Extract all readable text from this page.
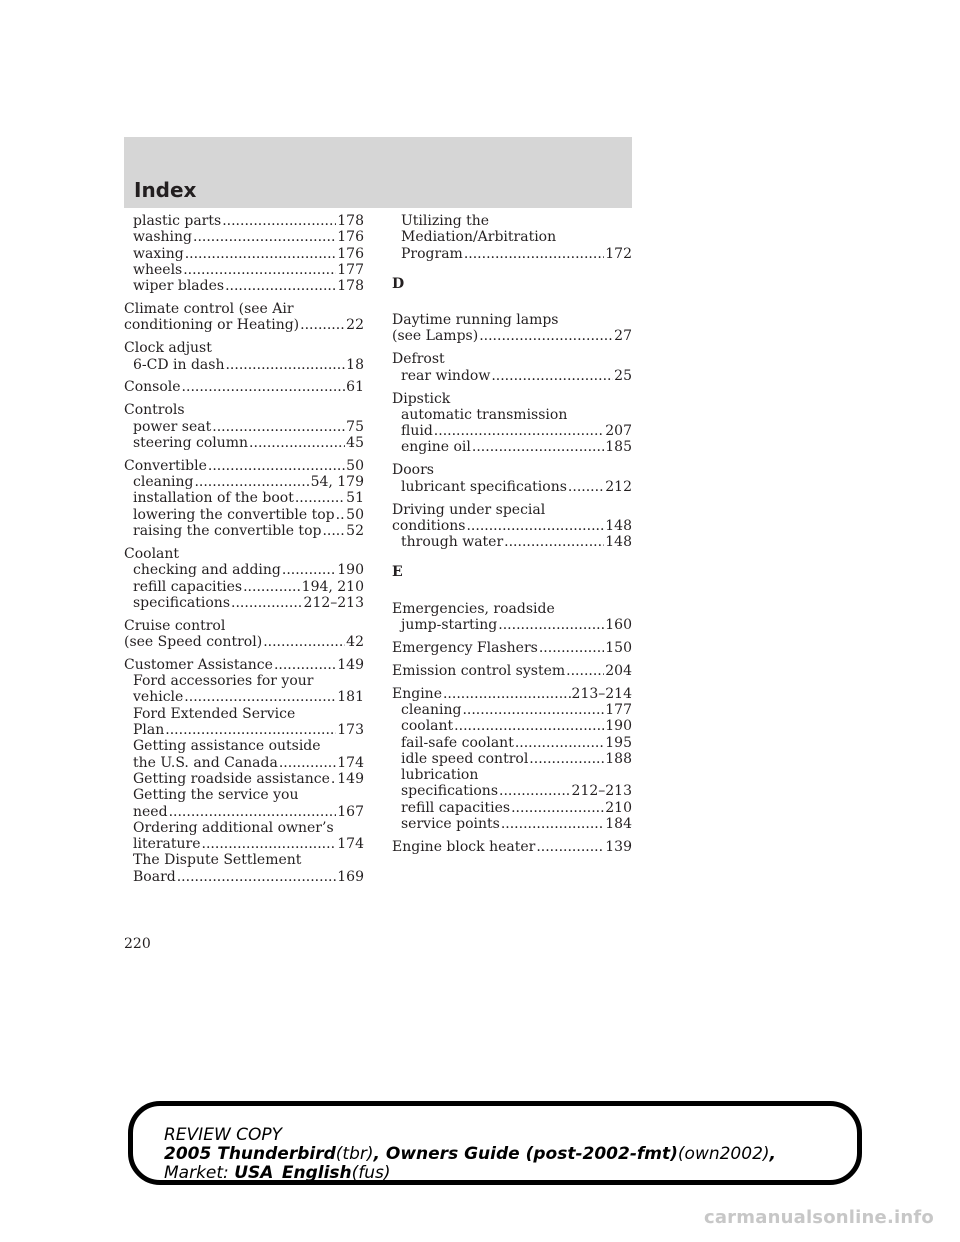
Index
plastic parts .....	178
washing .....	176
waxing .....	176
wheels .....	177
wiper blades .....	178
Climate control (see Air
conditioning or Heating) .....	22
Clock adjust
6-CD in dash .....	18
Console .....	61
Controls
power seat .....	75
steering column .....	45
Convertible .....	50
cleaning .....	54, 179
installation of the boot .....	51
lowering the convertible top ..... 50
raising the convertible top ..... 52
Coolant
checking and adding .....	190
refill capacities .....	194, 210
specifications .....	212–213
Cruise control
(see Speed control) .....	42
Customer Assistance .....	149
Ford accessories for your
vehicle .....	181
Ford Extended Service
Plan .....	173
Getting assistance outside
the U.S. and Canada .....	174
Getting roadside assistance ..... 149
Getting the service you
need .....	167
Ordering additional owner’s
literature .....	174
The Dispute Settlement
Board .....	169
Utilizing the
Mediation/Arbitration
Program .....	172
D
Daytime running lamps
(see Lamps) .....	27
Defrost
rear window .....	25
Dipstick
automatic transmission
fluid .....	207
engine oil .....	185
Doors
lubricant specifications .....	212
Driving under special
conditions .....	148
through water .....	148
E
Emergencies, roadside
jump-starting .....	160
Emergency Flashers .....	150
Emission control system .....	204
Engine .....	213–214
cleaning .....	177
coolant .....	190
fail-safe coolant .....	195
idle speed control .....	188
lubrication
specifications .....	212–213
refill capacities .....	210
service points .....	184
Engine block heater .....	139
220
REVIEW COPY
2005 Thunderbird(tbr), Owners Guide (post-2002-fmt)(own2002),
Market: USA_English(fus)
carmanualsonline.info
